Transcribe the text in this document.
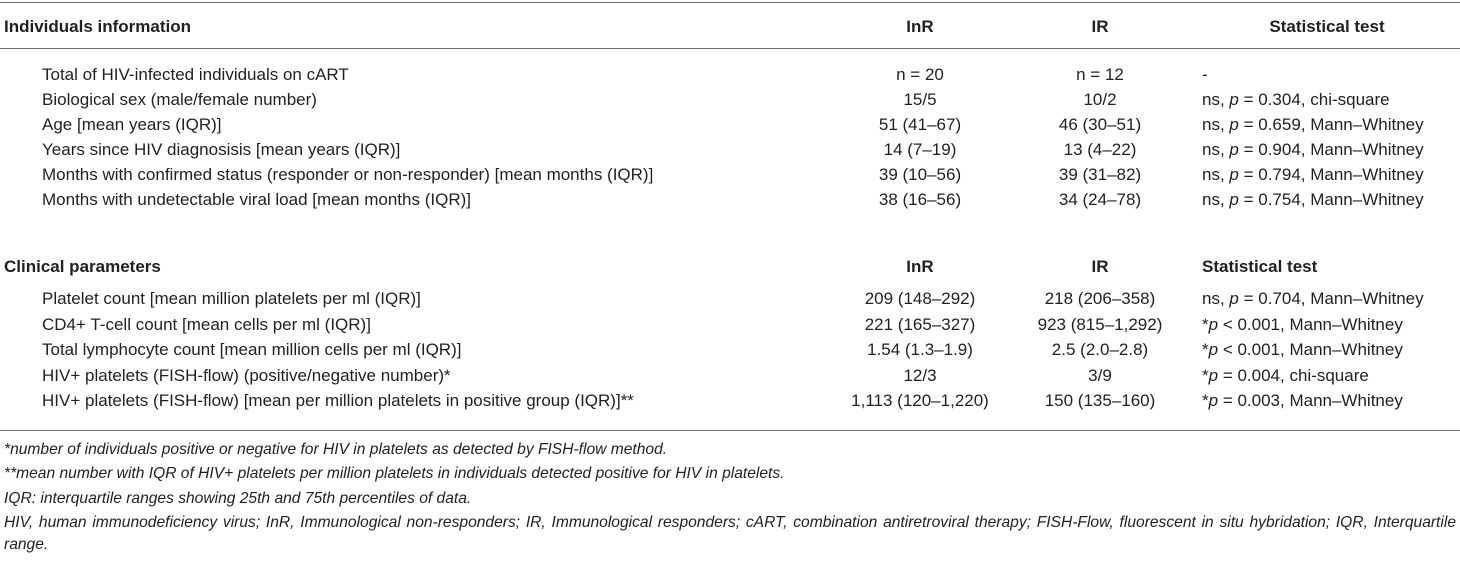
Individuals information	InR	IR	Statistical test
Total of HIV-infected individuals on cART	n = 20	n = 12	-
Biological sex (male/female number)	15/5	10/2	ns, p = 0.304, chi-square
Age [mean years (IQR)]	51 (41–67)	46 (30–51)	ns, p = 0.659, Mann–Whitney
Years since HIV diagnosisis [mean years (IQR)]	14 (7–19)	13 (4–22)	ns, p = 0.904, Mann–Whitney
Months with confirmed status (responder or non-responder) [mean months (IQR)]	39 (10–56)	39 (31–82)	ns, p = 0.794, Mann–Whitney
Months with undetectable viral load [mean months (IQR)]	38 (16–56)	34 (24–78)	ns, p = 0.754, Mann–Whitney
Clinical parameters	InR	IR	Statistical test
Platelet count [mean million platelets per ml (IQR)]	209 (148–292)	218 (206–358)	ns, p = 0.704, Mann–Whitney
CD4+ T-cell count [mean cells per ml (IQR)]	221 (165–327)	923 (815–1,292)	*p < 0.001, Mann–Whitney
Total lymphocyte count [mean million cells per ml (IQR)]	1.54 (1.3–1.9)	2.5 (2.0–2.8)	*p < 0.001, Mann–Whitney
HIV+ platelets (FISH-flow) (positive/negative number)*	12/3	3/9	*p = 0.004, chi-square
HIV+ platelets (FISH-flow) [mean per million platelets in positive group (IQR)]**	1,113 (120–1,220)	150 (135–160)	*p = 0.003, Mann–Whitney
*number of individuals positive or negative for HIV in platelets as detected by FISH-flow method.
**mean number with IQR of HIV+ platelets per million platelets in individuals detected positive for HIV in platelets.
IQR: interquartile ranges showing 25th and 75th percentiles of data.
HIV, human immunodeficiency virus; InR, Immunological non-responders; IR, Immunological responders; cART, combination antiretroviral therapy; FISH-Flow, fluorescent in situ hybridation; IQR, Interquartile range.
